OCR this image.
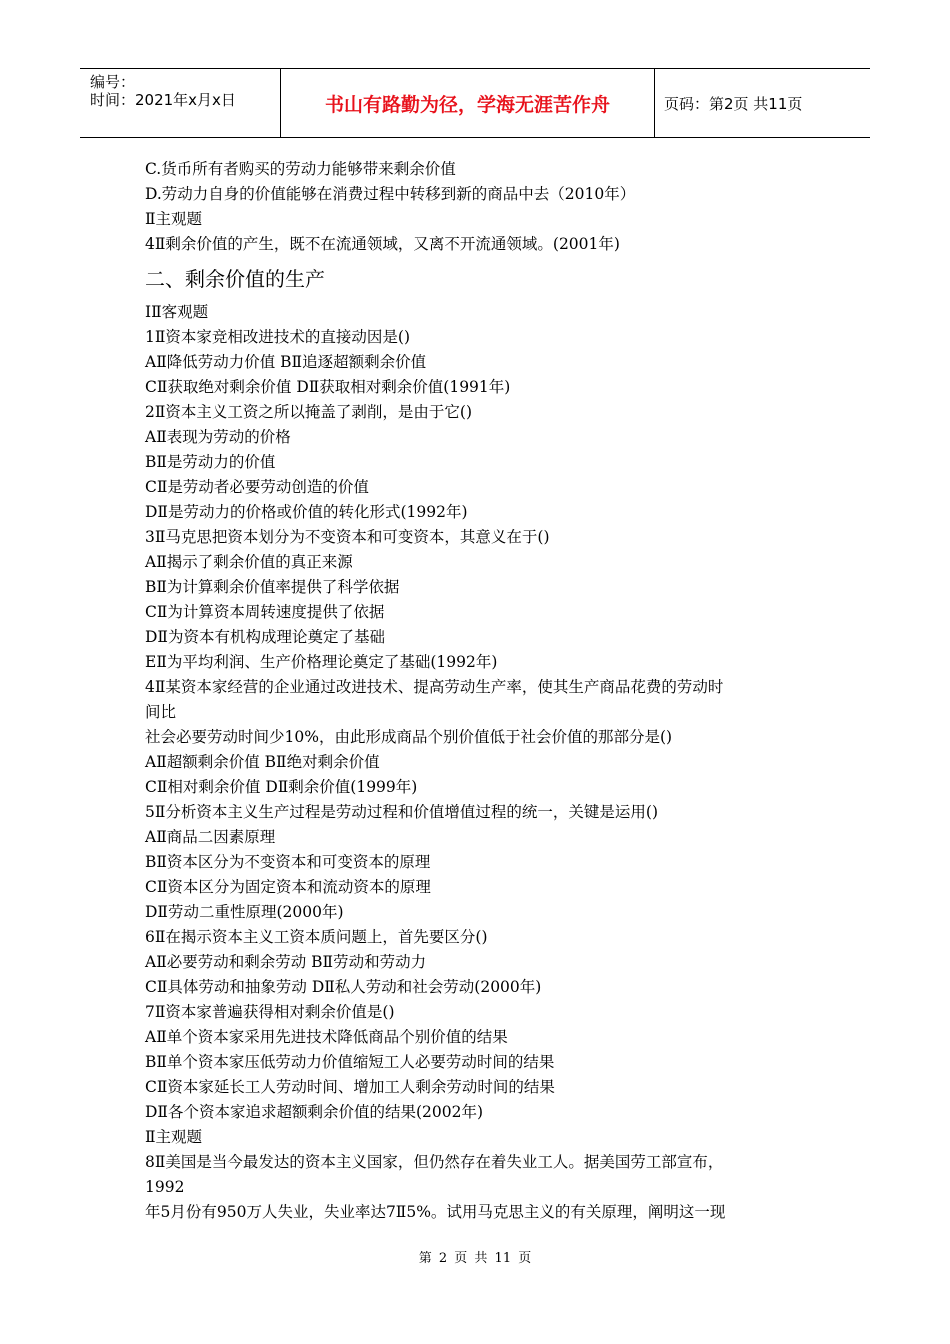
编号：
时间：2021年x月x日	书山有路勤为径，学海无涯苦作舟	页码：第2页 共11页
C.货币所有者购买的劳动力能够带来剩余价值
D.劳动力自身的价值能够在消费过程中转移到新的商品中去（2010年）
Ⅱ主观题
4Ⅱ剩余价值的产生，既不在流通领域，又离不开流通领域。(2001年)
二、剩余价值的生产
IⅡ客观题
1Ⅱ资本家竞相改进技术的直接动因是()
AⅡ降低劳动力价值 BⅡ追逐超额剩余价值
CⅡ获取绝对剩余价值 DⅡ获取相对剩余价值(1991年)
2Ⅱ资本主义工资之所以掩盖了剥削，是由于它()
AⅡ表现为劳动的价格
BⅡ是劳动力的价值
CⅡ是劳动者必要劳动创造的价值
DⅡ是劳动力的价格或价值的转化形式(1992年)
3Ⅱ马克思把资本划分为不变资本和可变资本，其意义在于()
AⅡ揭示了剩余价值的真正来源
BⅡ为计算剩余价值率提供了科学依据
CⅡ为计算资本周转速度提供了依据
DⅡ为资本有机构成理论奠定了基础
EⅡ为平均利润、生产价格理论奠定了基础(1992年)
4Ⅱ某资本家经营的企业通过改进技术、提高劳动生产率，使其生产商品花费的劳动时
间比
社会必要劳动时间少10%，由此形成商品个别价值低于社会价值的那部分是()
AⅡ超额剩余价值 BⅡ绝对剩余价值
CⅡ相对剩余价值 DⅡ剩余价值(1999年)
5Ⅱ分析资本主义生产过程是劳动过程和价值增值过程的统一，关键是运用()
AⅡ商品二因素原理
BⅡ资本区分为不变资本和可变资本的原理
CⅡ资本区分为固定资本和流动资本的原理
DⅡ劳动二重性原理(2000年)
6Ⅱ在揭示资本主义工资本质问题上，首先要区分()
AⅡ必要劳动和剩余劳动 BⅡ劳动和劳动力
CⅡ具体劳动和抽象劳动 DⅡ私人劳动和社会劳动(2000年)
7Ⅱ资本家普遍获得相对剩余价值是()
AⅡ单个资本家采用先进技术降低商品个别价值的结果
BⅡ单个资本家压低劳动力价值缩短工人必要劳动时间的结果
CⅡ资本家延长工人劳动时间、增加工人剩余劳动时间的结果
DⅡ各个资本家追求超额剩余价值的结果(2002年)
Ⅱ主观题
8Ⅱ美国是当今最发达的资本主义国家，但仍然存在着失业工人。据美国劳工部宣布，
1992
年5月份有950万人失业，失业率达7Ⅱ5%。试用马克思主义的有关原理，阐明这一现
第 2 页 共 11 页
